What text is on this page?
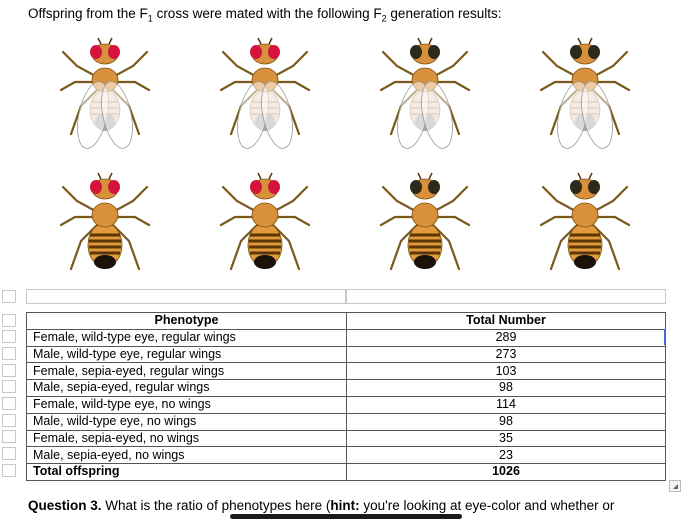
Offspring from the $F_1$ cross were mated with the following $F_2$ generation results:
Phenotype	Total Number
Female, wild-type eye, regular wings	289
Male, wild-type eye, regular wings	273
Female, sepia-eyed, regular wings	103
Male, sepia-eyed, regular wings	98
Female, wild-type eye, no wings	114
Male, wild-type eye, no wings	98
Female, sepia-eyed, no wings	35
Male, sepia-eyed, no wings	23
Total offspring	1026
Question 3. What is the ratio of phenotypes here (hint: you're looking at eye-color and whether or
